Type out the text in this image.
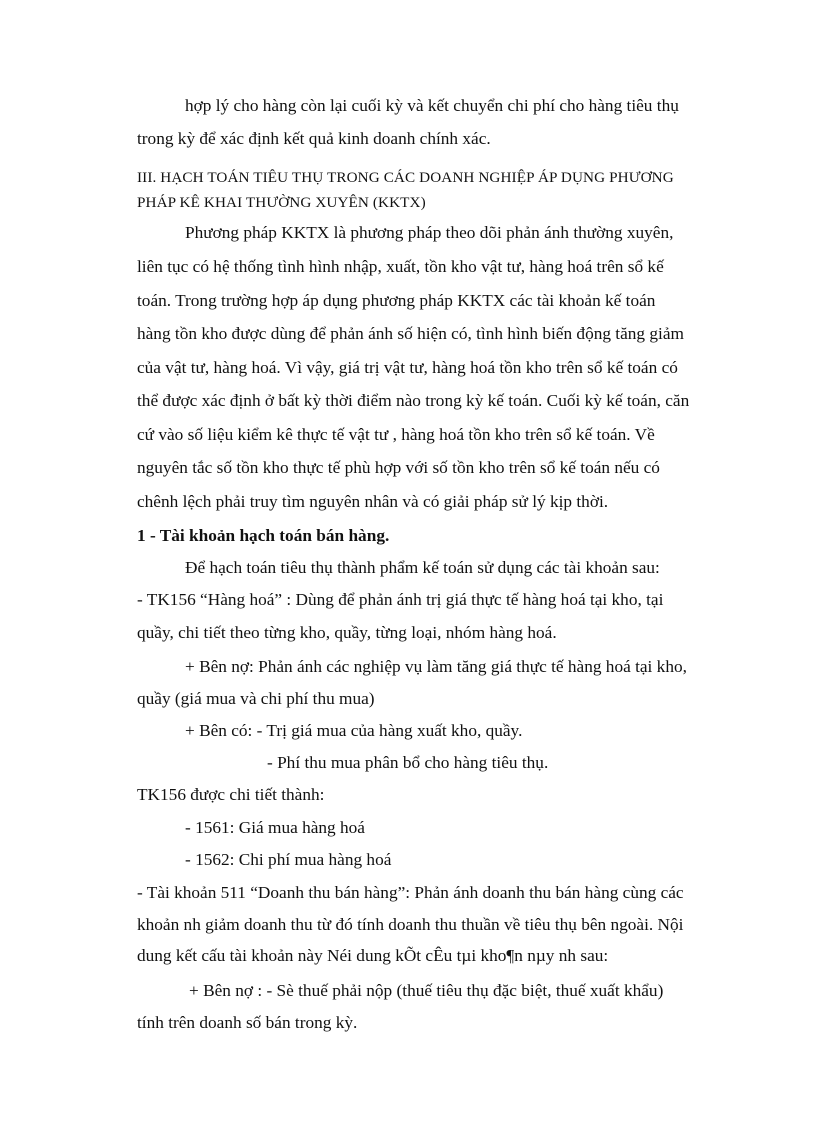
hợp lý cho hàng còn lại cuối kỳ và kết chuyển chi phí cho hàng tiêu thụ
trong kỳ để xác định kết quả kinh doanh chính xác.
III. HẠCH TOÁN TIÊU THỤ TRONG CÁC DOANH NGHIỆP ÁP DỤNG PHƯƠNG
PHÁP KÊ KHAI THƯỜNG XUYÊN (KKTX)
Phương pháp KKTX là phương pháp theo dõi phản ánh thường xuyên,
liên tục có hệ thống tình hình nhập, xuất, tồn kho vật tư, hàng hoá trên sổ kế
toán. Trong trường hợp áp dụng phương pháp KKTX các tài khoản kế toán
hàng tồn kho được dùng để phản ánh số hiện có, tình hình biến động tăng giảm
của vật tư, hàng hoá. Vì vậy, giá trị vật tư, hàng hoá tồn kho trên sổ kế toán có
thể được xác định ở bất kỳ thời điểm nào trong kỳ kế toán. Cuối kỳ kế toán, căn
cứ vào số liệu kiểm kê thực tế vật tư , hàng hoá tồn kho trên sổ kế toán. Về
nguyên tắc số tồn kho thực tế phù hợp với số tồn kho trên sổ kế toán nếu có
chênh lệch phải truy tìm nguyên nhân và có giải pháp sử lý kịp thời.
1 - Tài khoản hạch toán bán hàng.
Để hạch toán tiêu thụ thành phẩm kế toán sử dụng các tài khoản sau:
- TK156 “Hàng hoá” : Dùng để phản ánh trị giá thực tế hàng hoá tại kho, tại
quầy, chi tiết theo từng kho, quầy, từng loại, nhóm hàng hoá.
+ Bên nợ: Phản ánh các nghiệp vụ làm tăng giá thực tế hàng hoá tại kho,
quầy (giá mua và chi phí thu mua)
+ Bên có: - Trị giá mua của hàng xuất kho, quầy.
- Phí thu mua phân bổ cho hàng tiêu thụ.
TK156 được chi tiết thành:
- 1561: Giá mua hàng hoá
- 1562: Chi phí mua hàng hoá
- Tài khoản 511 “Doanh thu bán hàng”: Phản ánh doanh thu bán hàng cùng các
khoản nh giảm doanh thu từ đó tính doanh thu thuần về tiêu thụ bên ngoài. Nội
dung kết cấu tài khoản này Néi dung kÕt cÊu tµi kho¶n nµy nh sau:
+ Bên nợ : - Sè thuế phải nộp (thuế tiêu thụ đặc biệt, thuế xuất khẩu)
tính trên doanh số bán trong kỳ.
